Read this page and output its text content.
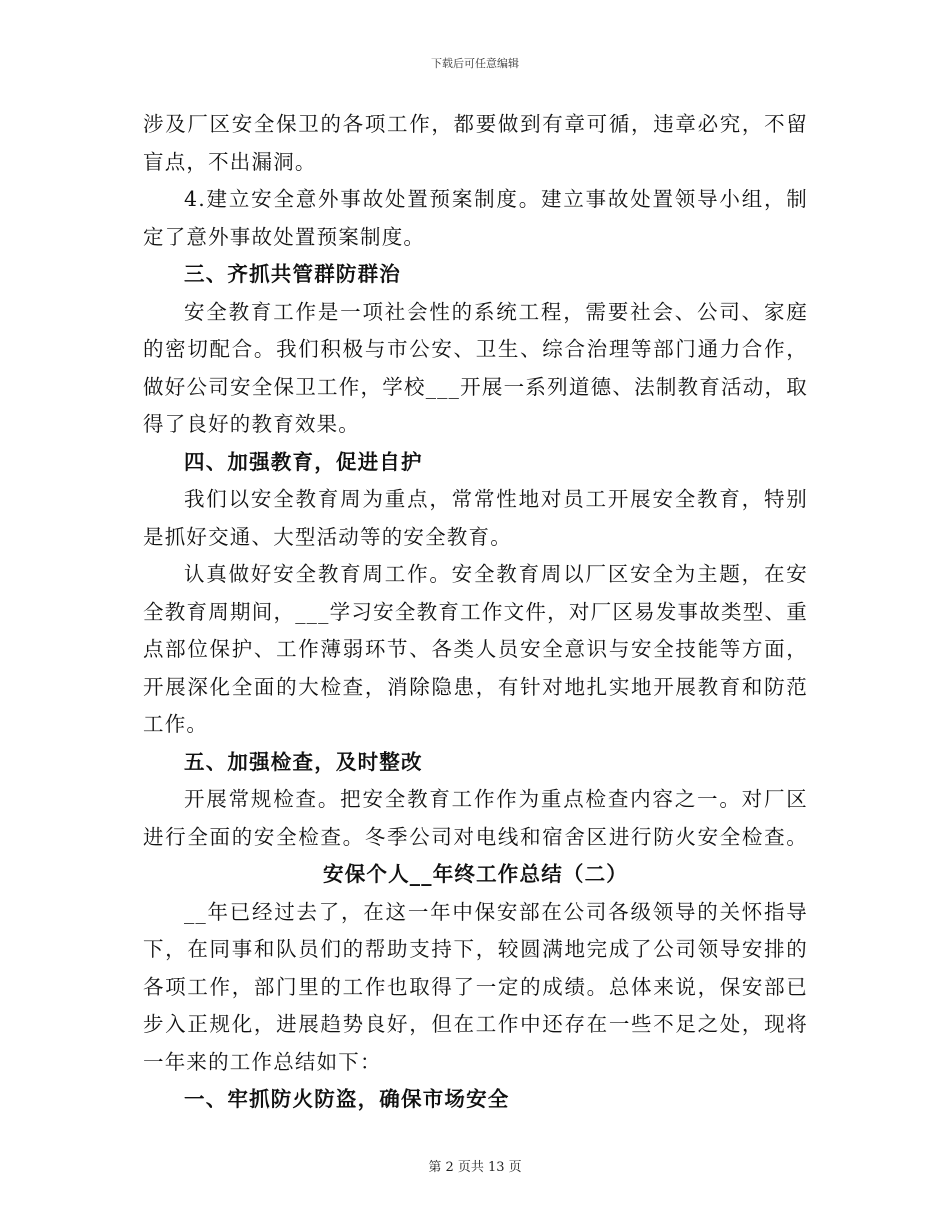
下载后可任意编辑
涉及厂区安全保卫的各项工作，都要做到有章可循，违章必究，不留
盲点，不出漏洞。
4.建立安全意外事故处置预案制度。建立事故处置领导小组，制
定了意外事故处置预案制度。
三、齐抓共管群防群治
安全教育工作是一项社会性的系统工程，需要社会、公司、家庭
的密切配合。我们积极与市公安、卫生、综合治理等部门通力合作，
做好公司安全保卫工作，学校___开展一系列道德、法制教育活动，取
得了良好的教育效果。
四、加强教育，促进自护
我们以安全教育周为重点，常常性地对员工开展安全教育，特别
是抓好交通、大型活动等的安全教育。
认真做好安全教育周工作。安全教育周以厂区安全为主题，在安
全教育周期间，___学习安全教育工作文件，对厂区易发事故类型、重
点部位保护、工作薄弱环节、各类人员安全意识与安全技能等方面，
开展深化全面的大检查，消除隐患，有针对地扎实地开展教育和防范
工作。
五、加强检查，及时整改
开展常规检查。把安全教育工作作为重点检查内容之一。对厂区
进行全面的安全检查。冬季公司对电线和宿舍区进行防火安全检查。
安保个人__年终工作总结（二）
__年已经过去了，在这一年中保安部在公司各级领导的关怀指导
下，在同事和队员们的帮助支持下，较圆满地完成了公司领导安排的
各项工作，部门里的工作也取得了一定的成绩。总体来说，保安部已
步入正规化，进展趋势良好，但在工作中还存在一些不足之处，现将
一年来的工作总结如下：
一、牢抓防火防盗，确保市场安全
第 2 页共 13 页
